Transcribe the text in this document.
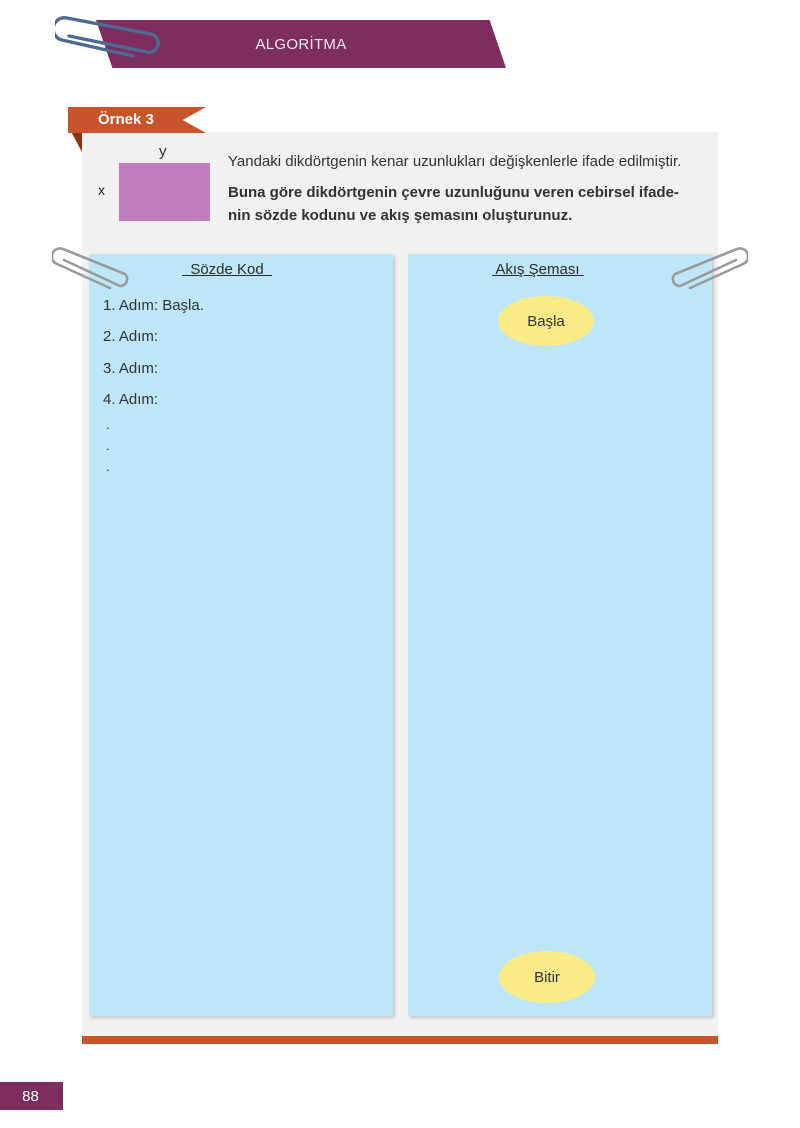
ALGORİTMA
Örnek 3
y
x
Yandaki dikdörtgenin kenar uzunlukları değişkenlerle ifade edilmiştir.
Buna göre dikdörtgenin çevre uzunluğunu veren cebirsel ifade-
nin sözde kodunu ve akış şemasını oluşturunuz.
Sözde Kod	Akış Şeması
1. Adım: Başla.
2. Adım:
3. Adım:
4. Adım:
.
.
.
Başla
Bitir
88
